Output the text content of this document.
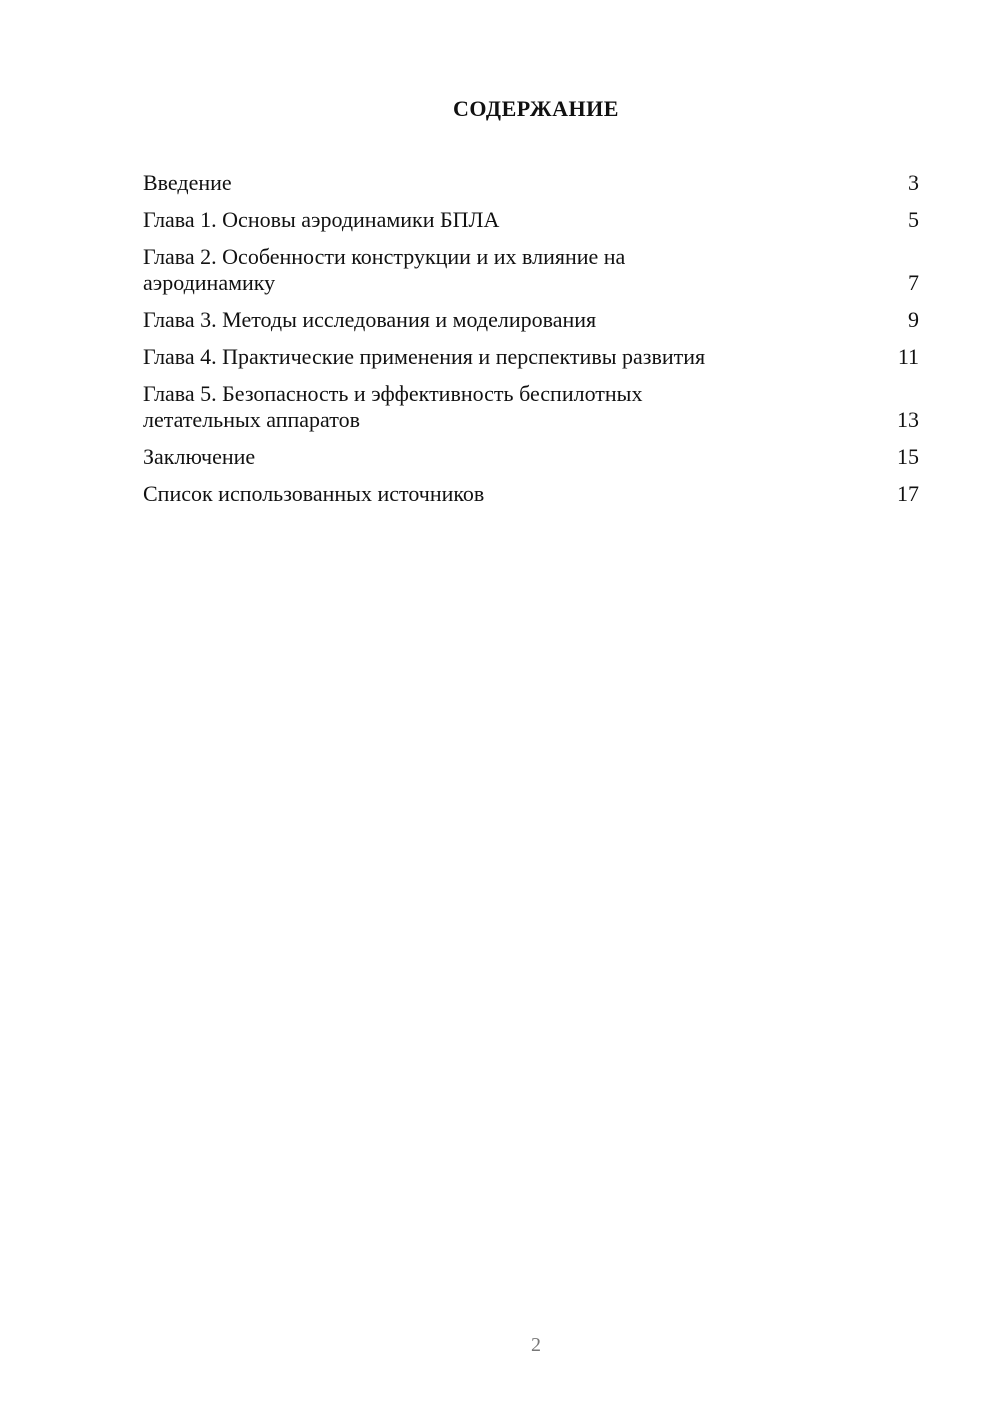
СОДЕРЖАНИЕ
Введение	3
Глава 1. Основы аэродинамики БПЛА	5
Глава 2. Особенности конструкции и их влияние на аэродинамику	7
Глава 3. Методы исследования и моделирования	9
Глава 4. Практические применения и перспективы развития	11
Глава 5. Безопасность и эффективность беспилотных летательных аппаратов	13
Заключение	15
Список использованных источников	17
2
